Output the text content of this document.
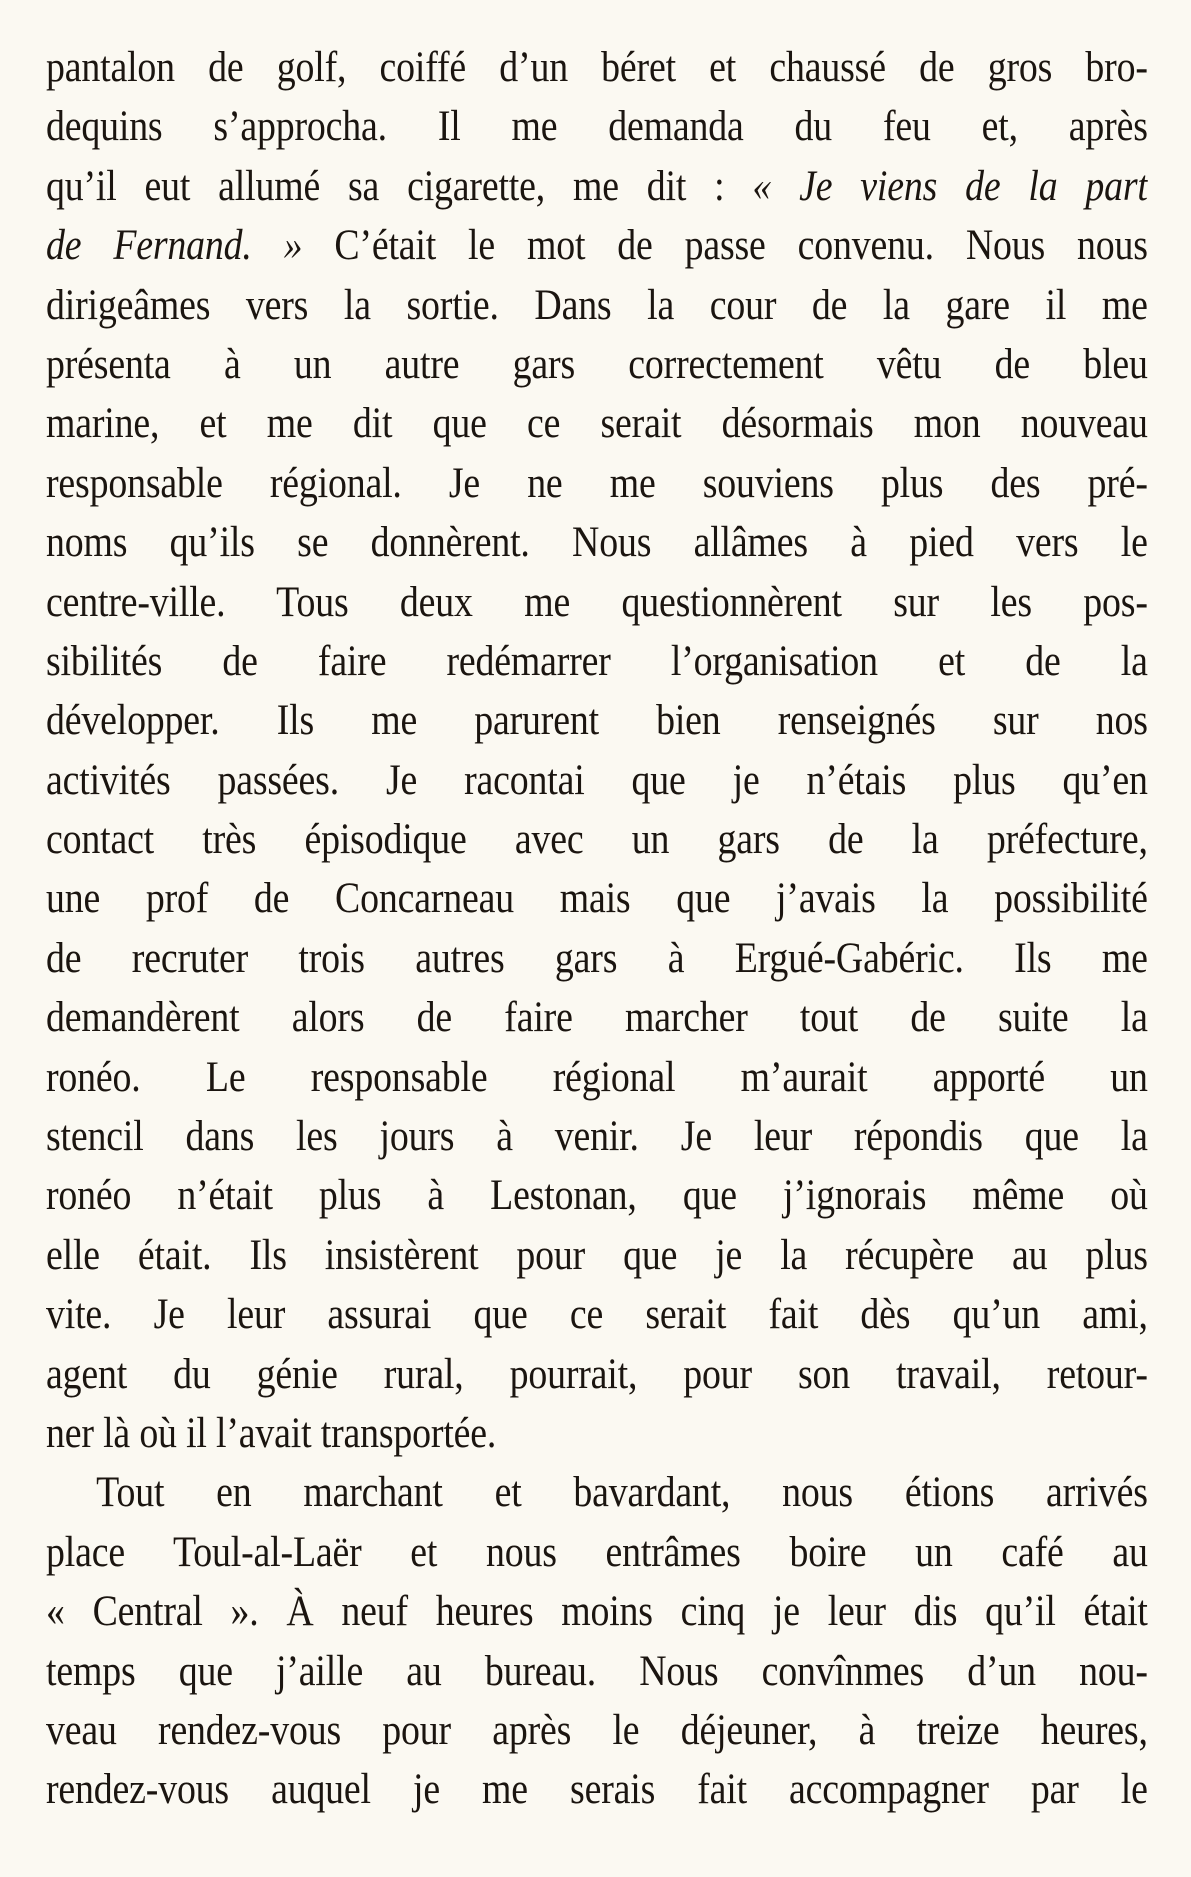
pantalon de golf, coiffé d’un béret et chaussé de gros bro-
dequins s’approcha. Il me demanda du feu et, après
qu’il eut allumé sa cigarette, me dit : « Je viens de la part
de Fernand. » C’était le mot de passe convenu. Nous nous
dirigeâmes vers la sortie. Dans la cour de la gare il me
présenta à un autre gars correctement vêtu de bleu
marine, et me dit que ce serait désormais mon nouveau
responsable régional. Je ne me souviens plus des pré-
noms qu’ils se donnèrent. Nous allâmes à pied vers le
centre-ville. Tous deux me questionnèrent sur les pos-
sibilités de faire redémarrer l’organisation et de la
développer. Ils me parurent bien renseignés sur nos
activités passées. Je racontai que je n’étais plus qu’en
contact très épisodique avec un gars de la préfecture,
une prof de Concarneau mais que j’avais la possibilité
de recruter trois autres gars à Ergué-Gabéric. Ils me
demandèrent alors de faire marcher tout de suite la
ronéo. Le responsable régional m’aurait apporté un
stencil dans les jours à venir. Je leur répondis que la
ronéo n’était plus à Lestonan, que j’ignorais même où
elle était. Ils insistèrent pour que je la récupère au plus
vite. Je leur assurai que ce serait fait dès qu’un ami,
agent du génie rural, pourrait, pour son travail, retour-
ner là où il l’avait transportée.
Tout en marchant et bavardant, nous étions arrivés
place Toul-al-Laër et nous entrâmes boire un café au
« Central ». À neuf heures moins cinq je leur dis qu’il était
temps que j’aille au bureau. Nous convînmes d’un nou-
veau rendez-vous pour après le déjeuner, à treize heures,
rendez-vous auquel je me serais fait accompagner par le
